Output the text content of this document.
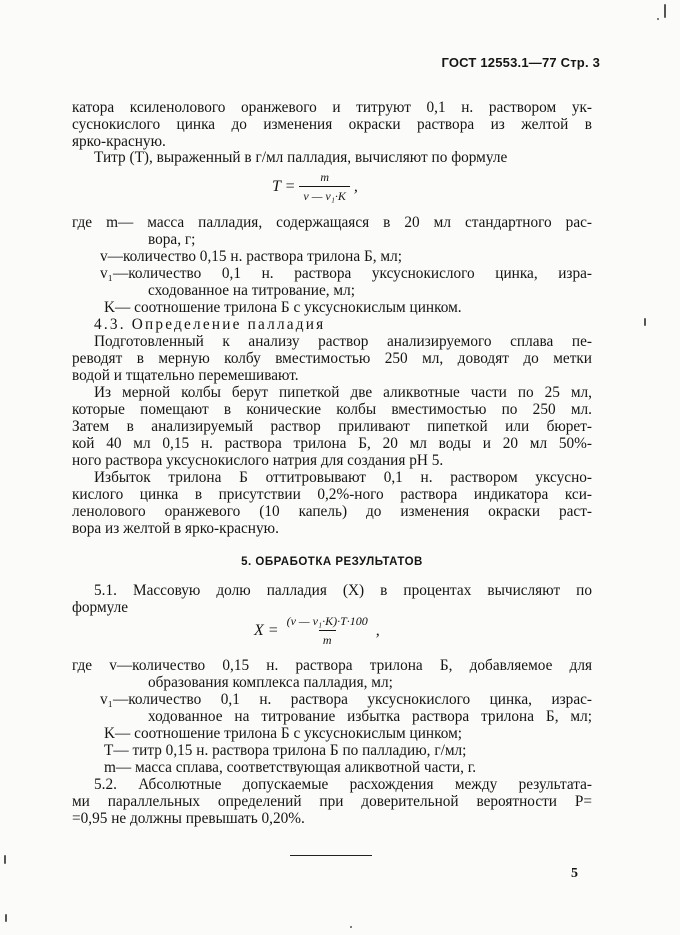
ГОСТ 12553.1—77 Стр. 3
катора ксиленолового оранжевого и титруют 0,1 н. раствором ук-
суснокислого цинка до изменения окраски раствора из желтой в
ярко-красную.
Титр (T), выраженный в г/мл палладия, вычисляют по формуле
$T = \frac{m}{\text{v — v₁·K}}$ ,
где m— масса палладия, содержащаяся в 20 мл стандартного рас-
вора, г;
v—количество 0,15 н. раствора трилона Б, мл;
v₁—количество 0,1 н. раствора уксуснокислого цинка, изра-
сходованное на титрование, мл;
K— соотношение трилона Б с уксуснокислым цинком.
4.3. Определение палладия
Подготовленный к анализу раствор анализируемого сплава пе-
реводят в мерную колбу вместимостью 250 мл, доводят до метки
водой и тщательно перемешивают.
Из мерной колбы берут пипеткой две аликвотные части по 25 мл,
которые помещают в конические колбы вместимостью по 250 мл.
Затем в анализируемый раствор приливают пипеткой или бюрет-
кой 40 мл 0,15 н. раствора трилона Б, 20 мл воды и 20 мл 50%-
ного раствора уксуснокислого натрия для создания pH 5.
Избыток трилона Б оттитровывают 0,1 н. раствором уксусно-
кислого цинка в присутствии 0,2%-ного раствора индикатора кси-
ленолового оранжевого (10 капель) до изменения окраски раст-
вора из желтой в ярко-красную.
5. ОБРАБОТКА РЕЗУЛЬТАТОВ
5.1. Массовую долю палладия (X) в процентах вычисляют по
формуле
$X = \frac{\text{(v — v₁·K)·T·100}}{m}$ ,
где v—количество 0,15 н. раствора трилона Б, добавляемое для
образования комплекса палладия, мл;
v₁—количество 0,1 н. раствора уксуснокислого цинка, израс-
ходованное на титрование избытка раствора трилона Б, мл;
K— соотношение трилона Б с уксуснокислым цинком;
T— титр 0,15 н. раствора трилона Б по палладию, г/мл;
m— масса сплава, соответствующая аликвотной части, г.
5.2. Абсолютные допускаемые расхождения между результата-
ми параллельных определений при доверительной вероятности P=
=0,95 не должны превышать 0,20%.
5
